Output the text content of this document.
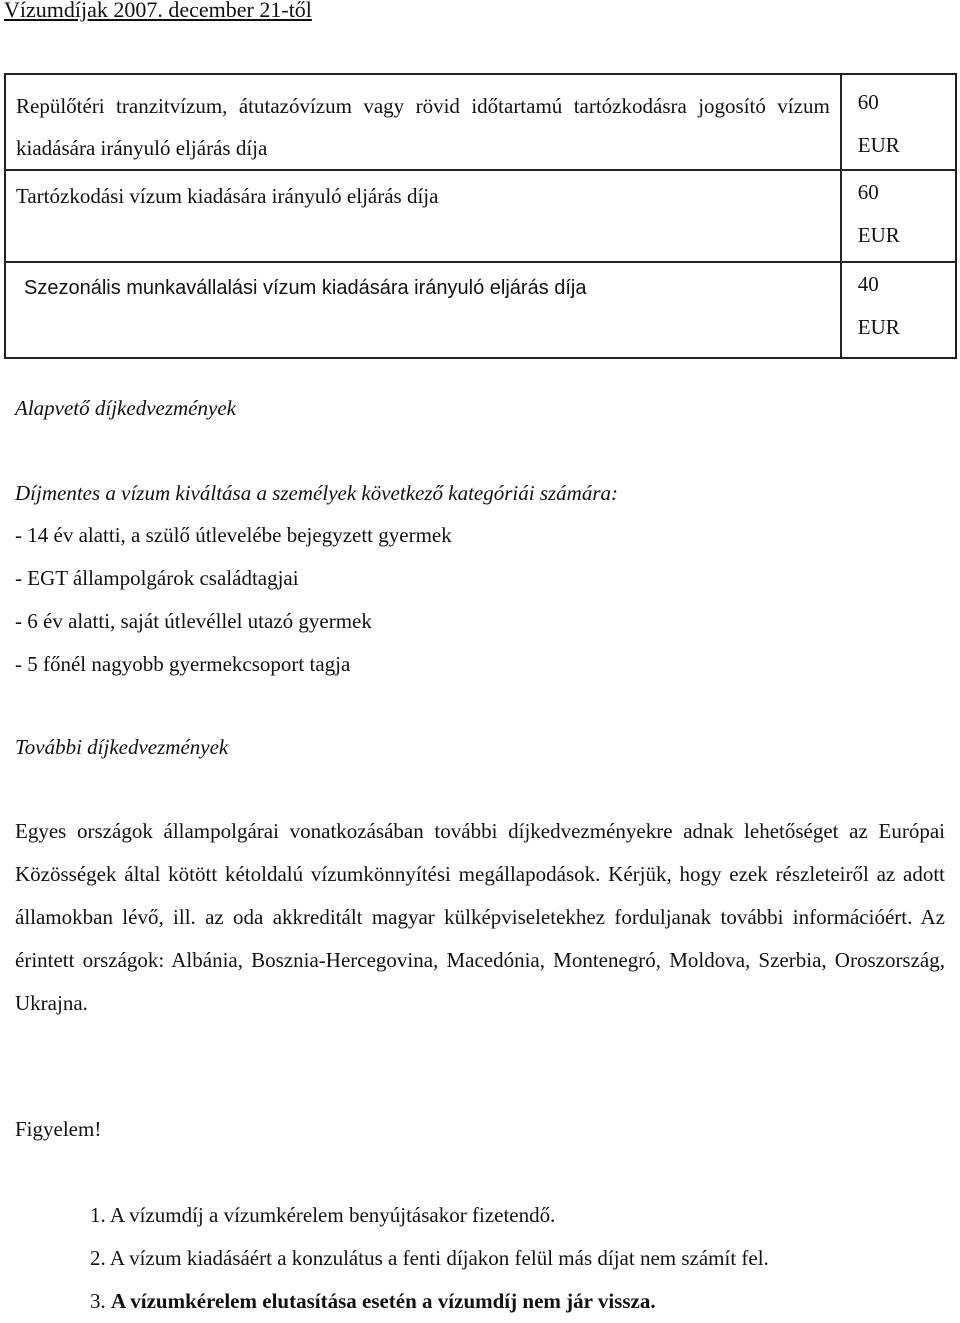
Vízumdíjak 2007. december 21-től
Repülőtéri tranzitvízum, átutazóvízum vagy rövid időtartamú tartózkodásra jogosító vízum kiadására irányuló eljárás díja	60
EUR

Tartózkodási vízum kiadására irányuló eljárás díja	60
EUR

Szezonális munkavállalási vízum kiadására irányuló eljárás díja	40
EUR
Alapvető díjkedvezmények
Díjmentes a vízum kiváltása a személyek következő kategóriái számára:
- 14 év alatti, a szülő útlevelébe bejegyzett gyermek
- EGT állampolgárok családtagjai
- 6 év alatti, saját útlevéllel utazó gyermek
- 5 főnél nagyobb gyermekcsoport tagja
További díjkedvezmények
Egyes országok állampolgárai vonatkozásában további díjkedvezményekre adnak lehetőséget az Európai Közösségek által kötött kétoldalú vízumkönnyítési megállapodások. Kérjük, hogy ezek részleteiről az adott államokban lévő, ill. az oda akkreditált magyar külképviseletekhez forduljanak további információért. Az érintett országok: Albánia, Bosznia-Hercegovina, Macedónia, Montenegró, Moldova, Szerbia, Oroszország, Ukrajna.
Figyelem!
1. A vízumdíj a vízumkérelem benyújtásakor fizetendő.
2. A vízum kiadásáért a konzulátus a fenti díjakon felül más díjat nem számít fel.
3. A vízumkérelem elutasítása esetén a vízumdíj nem jár vissza.
